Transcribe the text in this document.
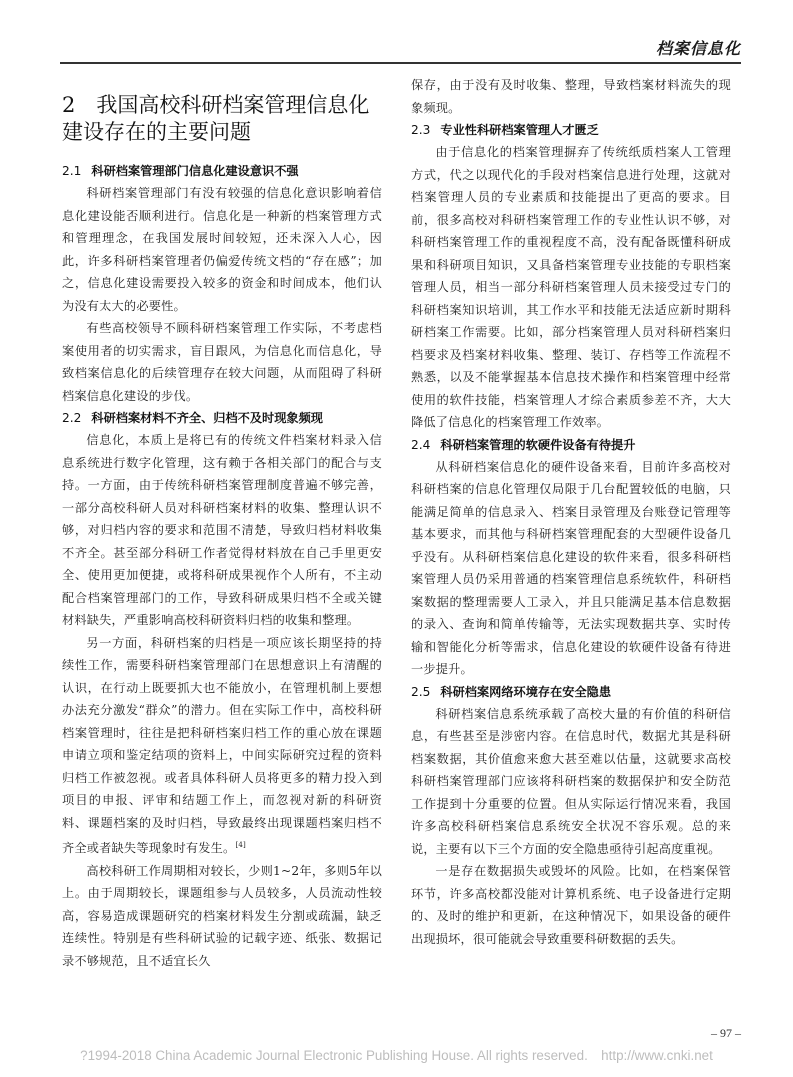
档案信息化
2　我国高校科研档案管理信息化建设存在的主要问题
2.1 科研档案管理部门信息化建设意识不强

科研档案管理部门有没有较强的信息化意识影响着信息化建设能否顺利进行。信息化是一种新的档案管理方式和管理理念，在我国发展时间较短，还未深入人心，因此，许多科研档案管理者仍偏爱传统文档的“存在感”；加之，信息化建设需要投入较多的资金和时间成本，他们认为没有太大的必要性。

有些高校领导不顾科研档案管理工作实际，不考虑档案使用者的切实需求，盲目跟风，为信息化而信息化，导致档案信息化的后续管理存在较大问题，从而阻碍了科研档案信息化建设的步伐。

2.2 科研档案材料不齐全、归档不及时现象频现

信息化，本质上是将已有的传统文件档案材料录入信息系统进行数字化管理，这有赖于各相关部门的配合与支持。一方面，由于传统科研档案管理制度普遍不够完善，一部分高校科研人员对科研档案材料的收集、整理认识不够，对归档内容的要求和范围不清楚，导致归档材料收集不齐全。甚至部分科研工作者觉得材料放在自己手里更安全、使用更加便捷，或将科研成果视作个人所有，不主动配合档案管理部门的工作，导致科研成果归档不全或关键材料缺失，严重影响高校科研资料归档的收集和整理。

另一方面，科研档案的归档是一项应该长期坚持的持续性工作，需要科研档案管理部门在思想意识上有清醒的认识，在行动上既要抓大也不能放小，在管理机制上要想办法充分激发“群众”的潜力。但在实际工作中，高校科研档案管理时，往往是把科研档案归档工作的重心放在课题申请立项和鉴定结项的资料上，中间实际研究过程的资料归档工作被忽视。或者具体科研人员将更多的精力投入到项目的申报、评审和结题工作上，而忽视对新的科研资料、课题档案的及时归档，导致最终出现课题档案归档不齐全或者缺失等现象时有发生。[4]

高校科研工作周期相对较长，少则1~2年，多则5年以上。由于周期较长，课题组参与人员较多，人员流动性较高，容易造成课题研究的档案材料发生分割或疏漏，缺乏连续性。特别是有些科研试验的记载字迹、纸张、数据记录不够规范，且不适宜长久

保存，由于没有及时收集、整理，导致档案材料流失的现象频现。

2.3 专业性科研档案管理人才匮乏

由于信息化的档案管理摒弃了传统纸质档案人工管理方式，代之以现代化的手段对档案信息进行处理，这就对档案管理人员的专业素质和技能提出了更高的要求。目前，很多高校对科研档案管理工作的专业性认识不够，对科研档案管理工作的重视程度不高，没有配备既懂科研成果和科研项目知识，又具备档案管理专业技能的专职档案管理人员，相当一部分科研档案管理人员未接受过专门的科研档案知识培训，其工作水平和技能无法适应新时期科研档案工作需要。比如，部分档案管理人员对科研档案归档要求及档案材料收集、整理、装订、存档等工作流程不熟悉，以及不能掌握基本信息技术操作和档案管理中经常使用的软件技能，档案管理人才综合素质参差不齐，大大降低了信息化的档案管理工作效率。

2.4 科研档案管理的软硬件设备有待提升

从科研档案信息化的硬件设备来看，目前许多高校对科研档案的信息化管理仅局限于几台配置较低的电脑，只能满足简单的信息录入、档案目录管理及台账登记管理等基本要求，而其他与科研档案管理配套的大型硬件设备几乎没有。从科研档案信息化建设的软件来看，很多科研档案管理人员仍采用普通的档案管理信息系统软件，科研档案数据的整理需要人工录入，并且只能满足基本信息数据的录入、查询和简单传输等，无法实现数据共享、实时传输和智能化分析等需求，信息化建设的软硬件设备有待进一步提升。

2.5 科研档案网络环境存在安全隐患

科研档案信息系统承载了高校大量的有价值的科研信息，有些甚至是涉密内容。在信息时代，数据尤其是科研档案数据，其价值愈来愈大甚至难以估量，这就要求高校科研档案管理部门应该将科研档案的数据保护和安全防范工作提到十分重要的位置。但从实际运行情况来看，我国许多高校科研档案信息系统安全状况不容乐观。总的来说，主要有以下三个方面的安全隐患亟待引起高度重视。

一是存在数据损失或毁坏的风险。比如，在档案保管环节，许多高校都没能对计算机系统、电子设备进行定期的、及时的维护和更新，在这种情况下，如果设备的硬件出现损坏，很可能就会导致重要科研数据的丢失。

– 97 –
?1994-2018 China Academic Journal Electronic Publishing House. All rights reserved.　http://www.cnki.net
